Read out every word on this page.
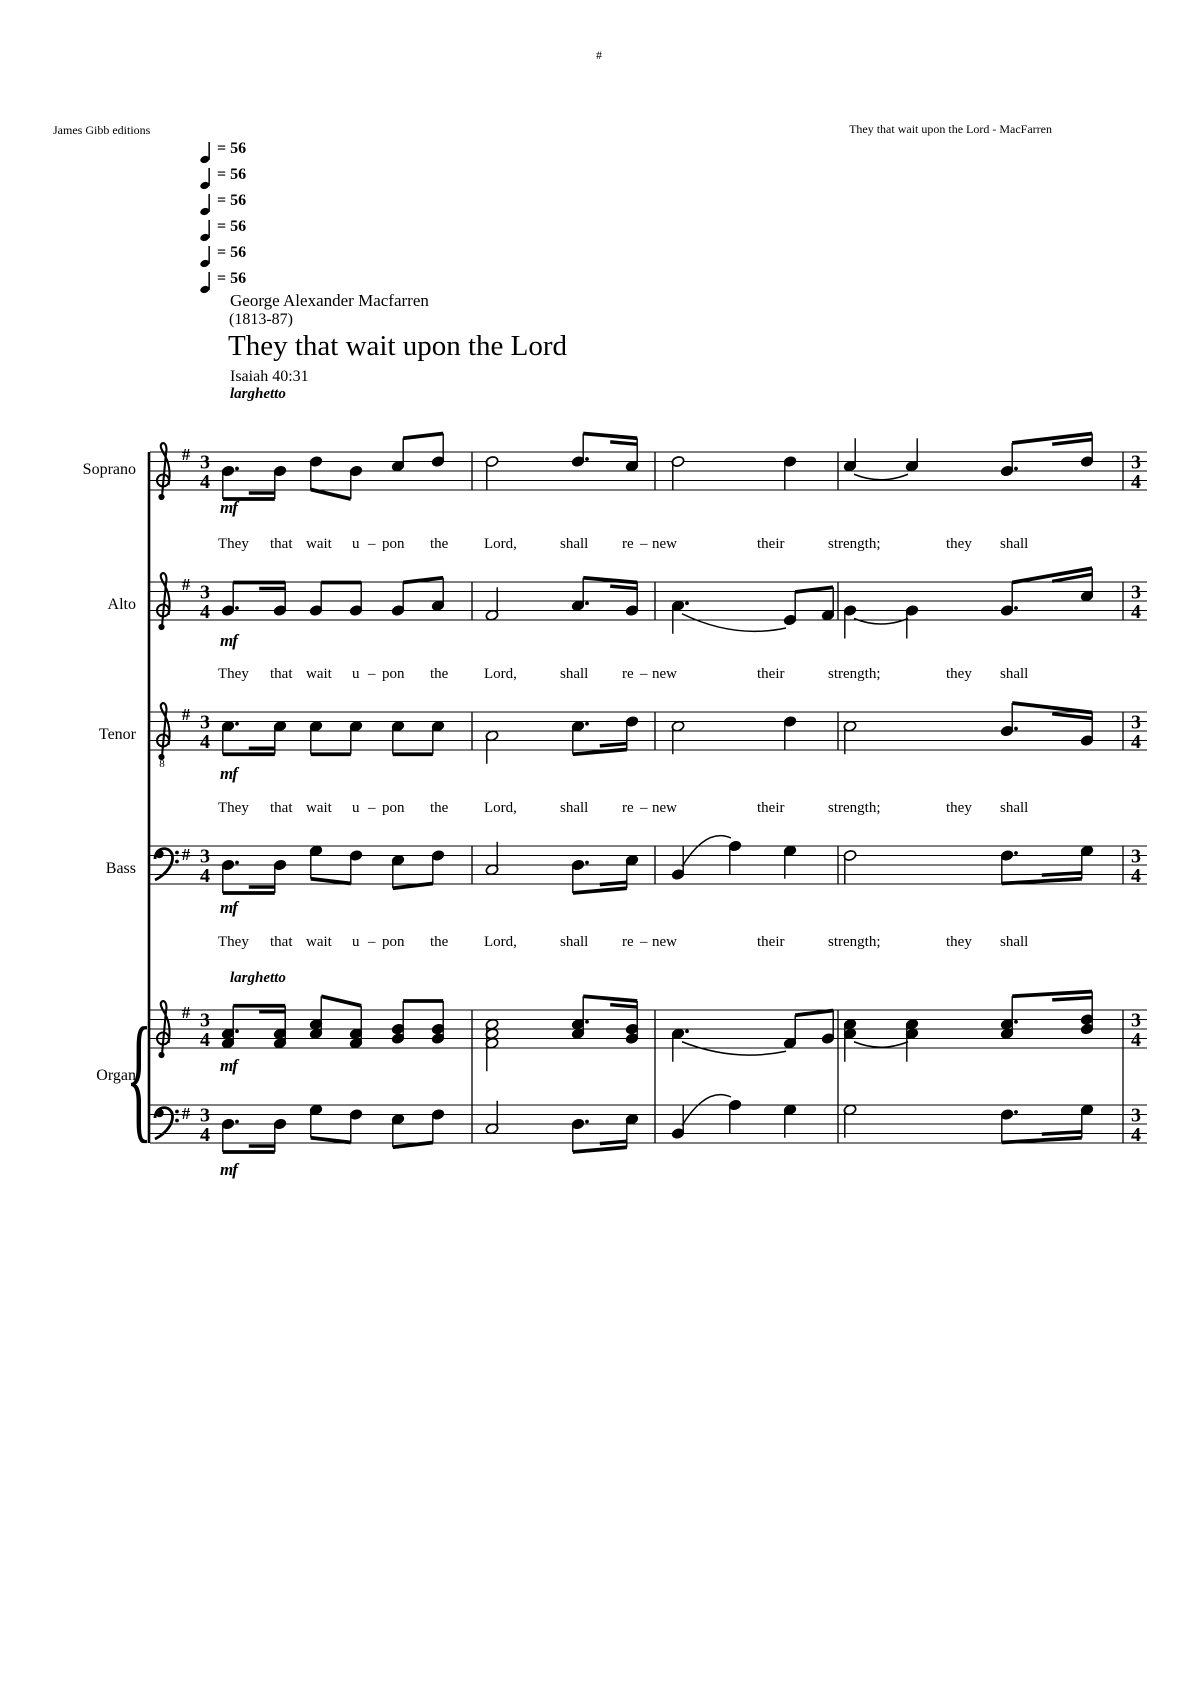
#
James Gibb editions	They that wait upon the Lord - MacFarren
= 56
= 56
= 56
= 56
= 56
= 56
George Alexander Macfarren
(1813-87)
They that wait upon the Lord
Isaiah 40:31
larghetto
{
# 3
4
3
4
# 3
4
3
4
8
# 3
4
3
4
# 3
4
3
4
# 3
4
3
4
# 3
4
3
4
Soprano
Alto
Tenor
Bass
Organ
mf
mf
mf
mf
mf
mf
larghetto
They that wait u – pon the Lord,	shall re – new	their	strength;	they shall
They that wait u – pon the Lord,	shall re – new	their	strength;	they shall
They that wait u – pon the Lord,	shall re – new	their	strength;	they shall
They that wait u – pon the Lord,	shall re – new	their	strength;	they shall
